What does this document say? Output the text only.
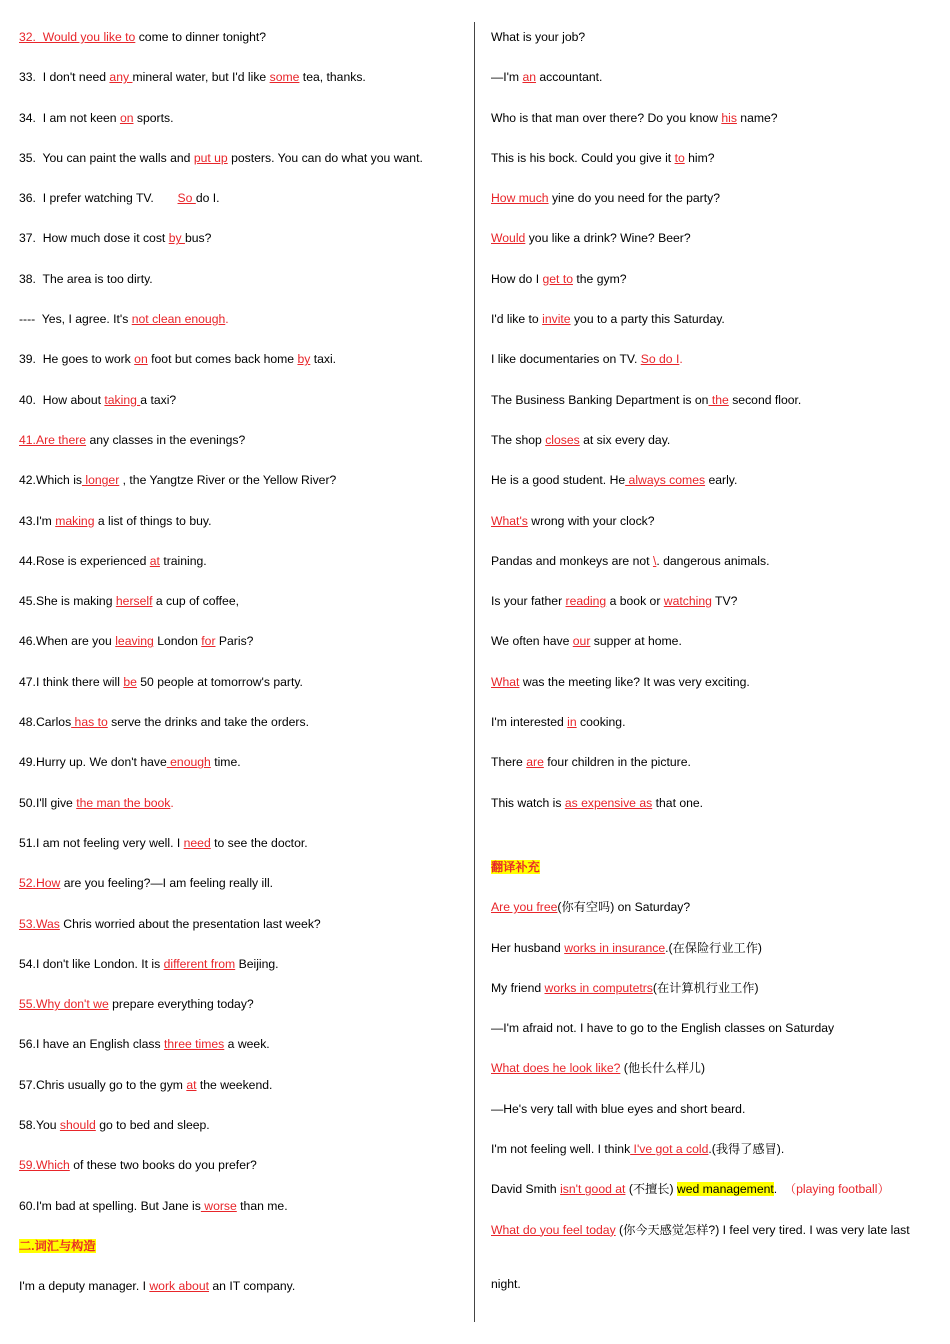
32.  Would you like to come to dinner tonight?
33.  I don't need any mineral water, but I'd like some tea, thanks.
34.  I am not keen on sports.
35.  You can paint the walls and put up posters. You can do what you want.
36.  I prefer watching TV.       So do I.
37.  How much dose it cost by bus?
38.  The area is too dirty.
----  Yes, I agree. It's not clean enough.
39.  He goes to work on foot but comes back home by taxi.
40.  How about taking a taxi?
41.Are there any classes in the evenings?
42.Which is longer , the Yangtze River or the Yellow River?
43.I'm making a list of things to buy.
44.Rose is experienced at training.
45.She is making herself a cup of coffee,
46.When are you leaving London for Paris?
47.I think there will be 50 people at tomorrow's party.
48.Carlos has to serve the drinks and take the orders.
49.Hurry up. We don't have enough time.
50.I'll give the man the book.
51.I am not feeling very well. I need to see the doctor.
52.How are you feeling?—I am feeling really ill.
53.Was Chris worried about the presentation last week?
54.I don't like London. It is different from Beijing.
55.Why don't we prepare everything today?
56.I have an English class three times a week.
57.Chris usually go to the gym at the weekend.
58.You should go to bed and sleep.
59.Which of these two books do you prefer?
60.I'm bad at spelling. But Jane is worse than me.
二.词汇与构造
I'm a deputy manager. I work about an IT company.
What is your job?
—I'm an accountant.
Who is that man over there? Do you know his name?
This is his bock. Could you give it to him?
How much yine do you need for the party?
Would you like a drink? Wine? Beer?
How do I get to the gym?
I'd like to invite you to a party this Saturday.
I like documentaries on TV. So do I.
The Business Banking Department is on the second floor.
The shop closes at six every day.
He is a good student. He always comes early.
What's wrong with your clock?
Pandas and monkeys are not \. dangerous animals.
Is your father reading a book or watching TV?
We often have our supper at home.
What was the meeting like? It was very exciting.
I'm interested in cooking.
There are four children in the picture.
This watch is as expensive as that one.
翻译补充
Are you free(你有空吗) on Saturday?
Her husband works in insurance.(在保险行业工作)
My friend works in computetrs(在计算机行业工作)
—I'm afraid not. I have to go to the English classes on Saturday
What does he look like? (他长什么样儿)
—He's very tall with blue eyes and short beard.
I'm not feeling well. I think I've got a cold.(我得了感冒).
David Smith isn't good at (不擅长) wed management.  （playing football）
What do you feel today (你今天感觉怎样?) I feel very tired. I was very late last
night.
